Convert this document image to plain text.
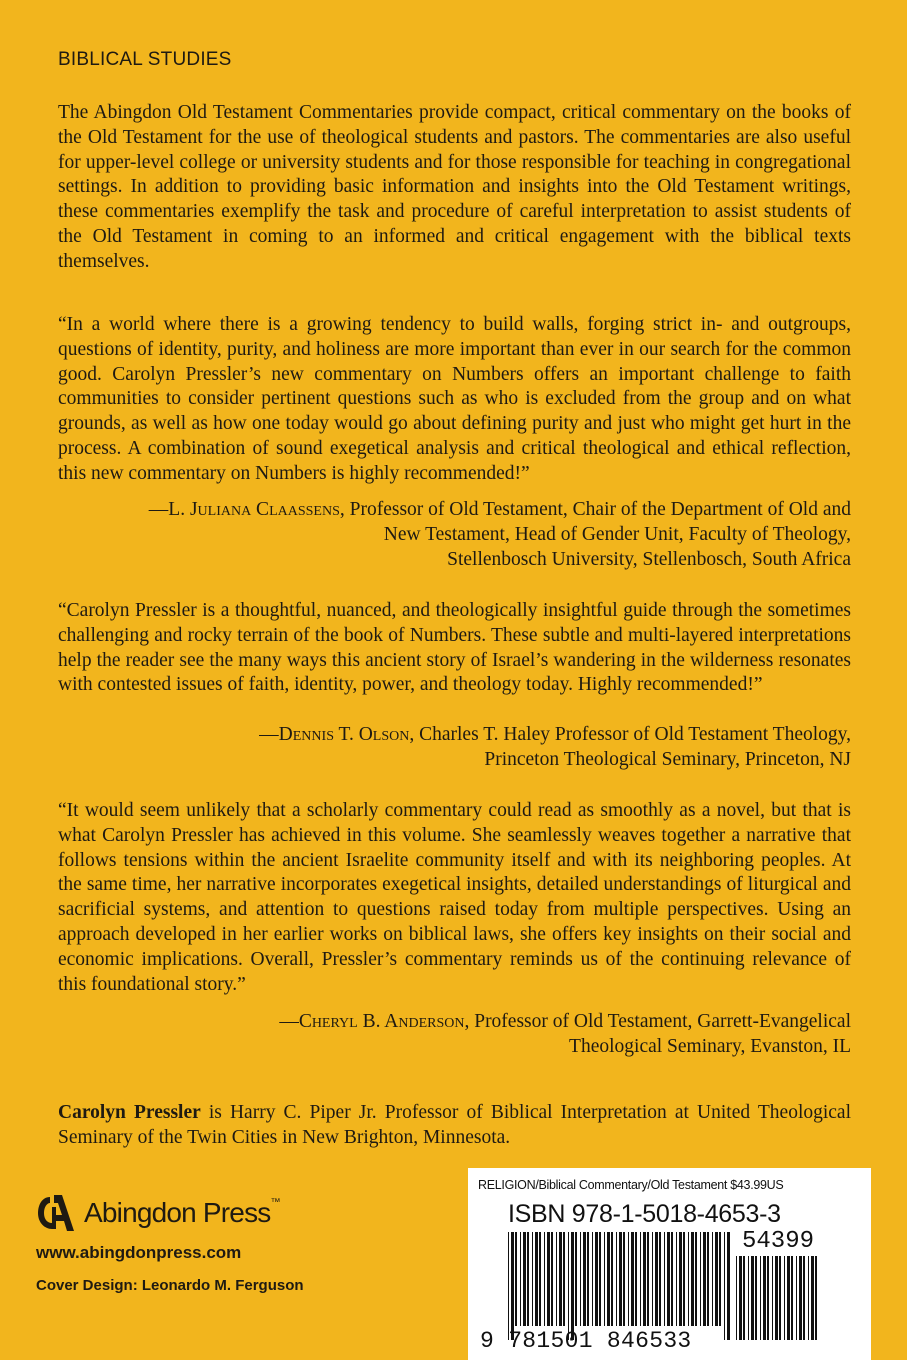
BIBLICAL STUDIES
The Abingdon Old Testament Commentaries provide compact, critical commentary on the books of the Old Testament for the use of theological students and pastors. The commentaries are also useful for upper-level college or university students and for those responsible for teaching in congregational settings. In addition to providing basic information and insights into the Old Testament writings, these commentaries exemplify the task and procedure of careful interpretation to assist students of the Old Testament in coming to an informed and critical engagement with the biblical texts themselves.
“In a world where there is a growing tendency to build walls, forging strict in- and outgroups, questions of identity, purity, and holiness are more important than ever in our search for the common good. Carolyn Pressler’s new commentary on Numbers offers an important challenge to faith communities to consider pertinent questions such as who is excluded from the group and on what grounds, as well as how one today would go about defining purity and just who might get hurt in the process. A combination of sound exegetical analysis and critical theological and ethical reflection, this new commentary on Numbers is highly recommended!”
—L. Juliana Claassens, Professor of Old Testament, Chair of the Department of Old and
New Testament, Head of Gender Unit, Faculty of Theology,
Stellenbosch University, Stellenbosch, South Africa
“Carolyn Pressler is a thoughtful, nuanced, and theologically insightful guide through the sometimes challenging and rocky terrain of the book of Numbers. These subtle and multi-layered interpretations help the reader see the many ways this ancient story of Israel’s wandering in the wilderness resonates with contested issues of faith, identity, power, and theology today. Highly recommended!”
—Dennis T. Olson, Charles T. Haley Professor of Old Testament Theology,
Princeton Theological Seminary, Princeton, NJ
“It would seem unlikely that a scholarly commentary could read as smoothly as a novel, but that is what Carolyn Pressler has achieved in this volume. She seamlessly weaves together a narrative that follows tensions within the ancient Israelite community itself and with its neighboring peoples. At the same time, her narrative incorporates exegetical insights, detailed understandings of liturgical and sacrificial systems, and attention to questions raised today from multiple perspectives. Using an approach developed in her earlier works on biblical laws, she offers key insights on their social and economic implications. Overall, Pressler’s commentary reminds us of the continuing relevance of this foundational story.”
—Cheryl B. Anderson, Professor of Old Testament, Garrett-Evangelical
Theological Seminary, Evanston, IL
Carolyn Pressler is Harry C. Piper Jr. Professor of Biblical Interpretation at United Theological Seminary of the Twin Cities in New Brighton, Minnesota.
Abingdon Press™
www.abingdonpress.com
Cover Design: Leonardo M. Ferguson
RELIGION/Biblical Commentary/Old Testament $43.99US
ISBN 978-1-5018-4653-3
54399
9 781501 846533
